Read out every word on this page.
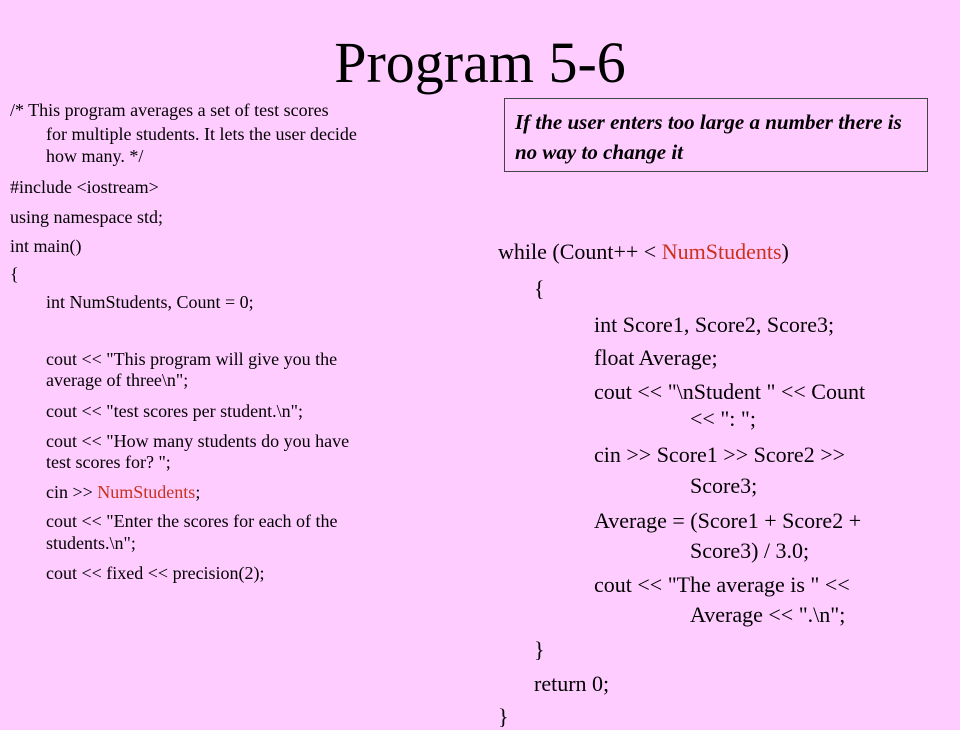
Program 5-6
If the user enters too large a number there is no way to change it
/* This program averages a set of test scores
for multiple students. It lets the user decide
how many. */
#include <iostream>
using namespace std;
int main()
{
int NumStudents, Count = 0;
cout << "This program will give you the
average of three\n";
cout << "test scores per student.\n";
cout << "How many students do you have
test scores for? ";
cin >> NumStudents;
cout << "Enter the scores for each of the
students.\n";
cout << fixed << precision(2);
while (Count++ < NumStudents)
{
int Score1, Score2, Score3;
float Average;
cout << "\nStudent " << Count
<< ": ";
cin >> Score1 >> Score2 >>
Score3;
Average = (Score1 + Score2 +
Score3) / 3.0;
cout << "The average is " <<
Average << ".\n";
}
return 0;
}
